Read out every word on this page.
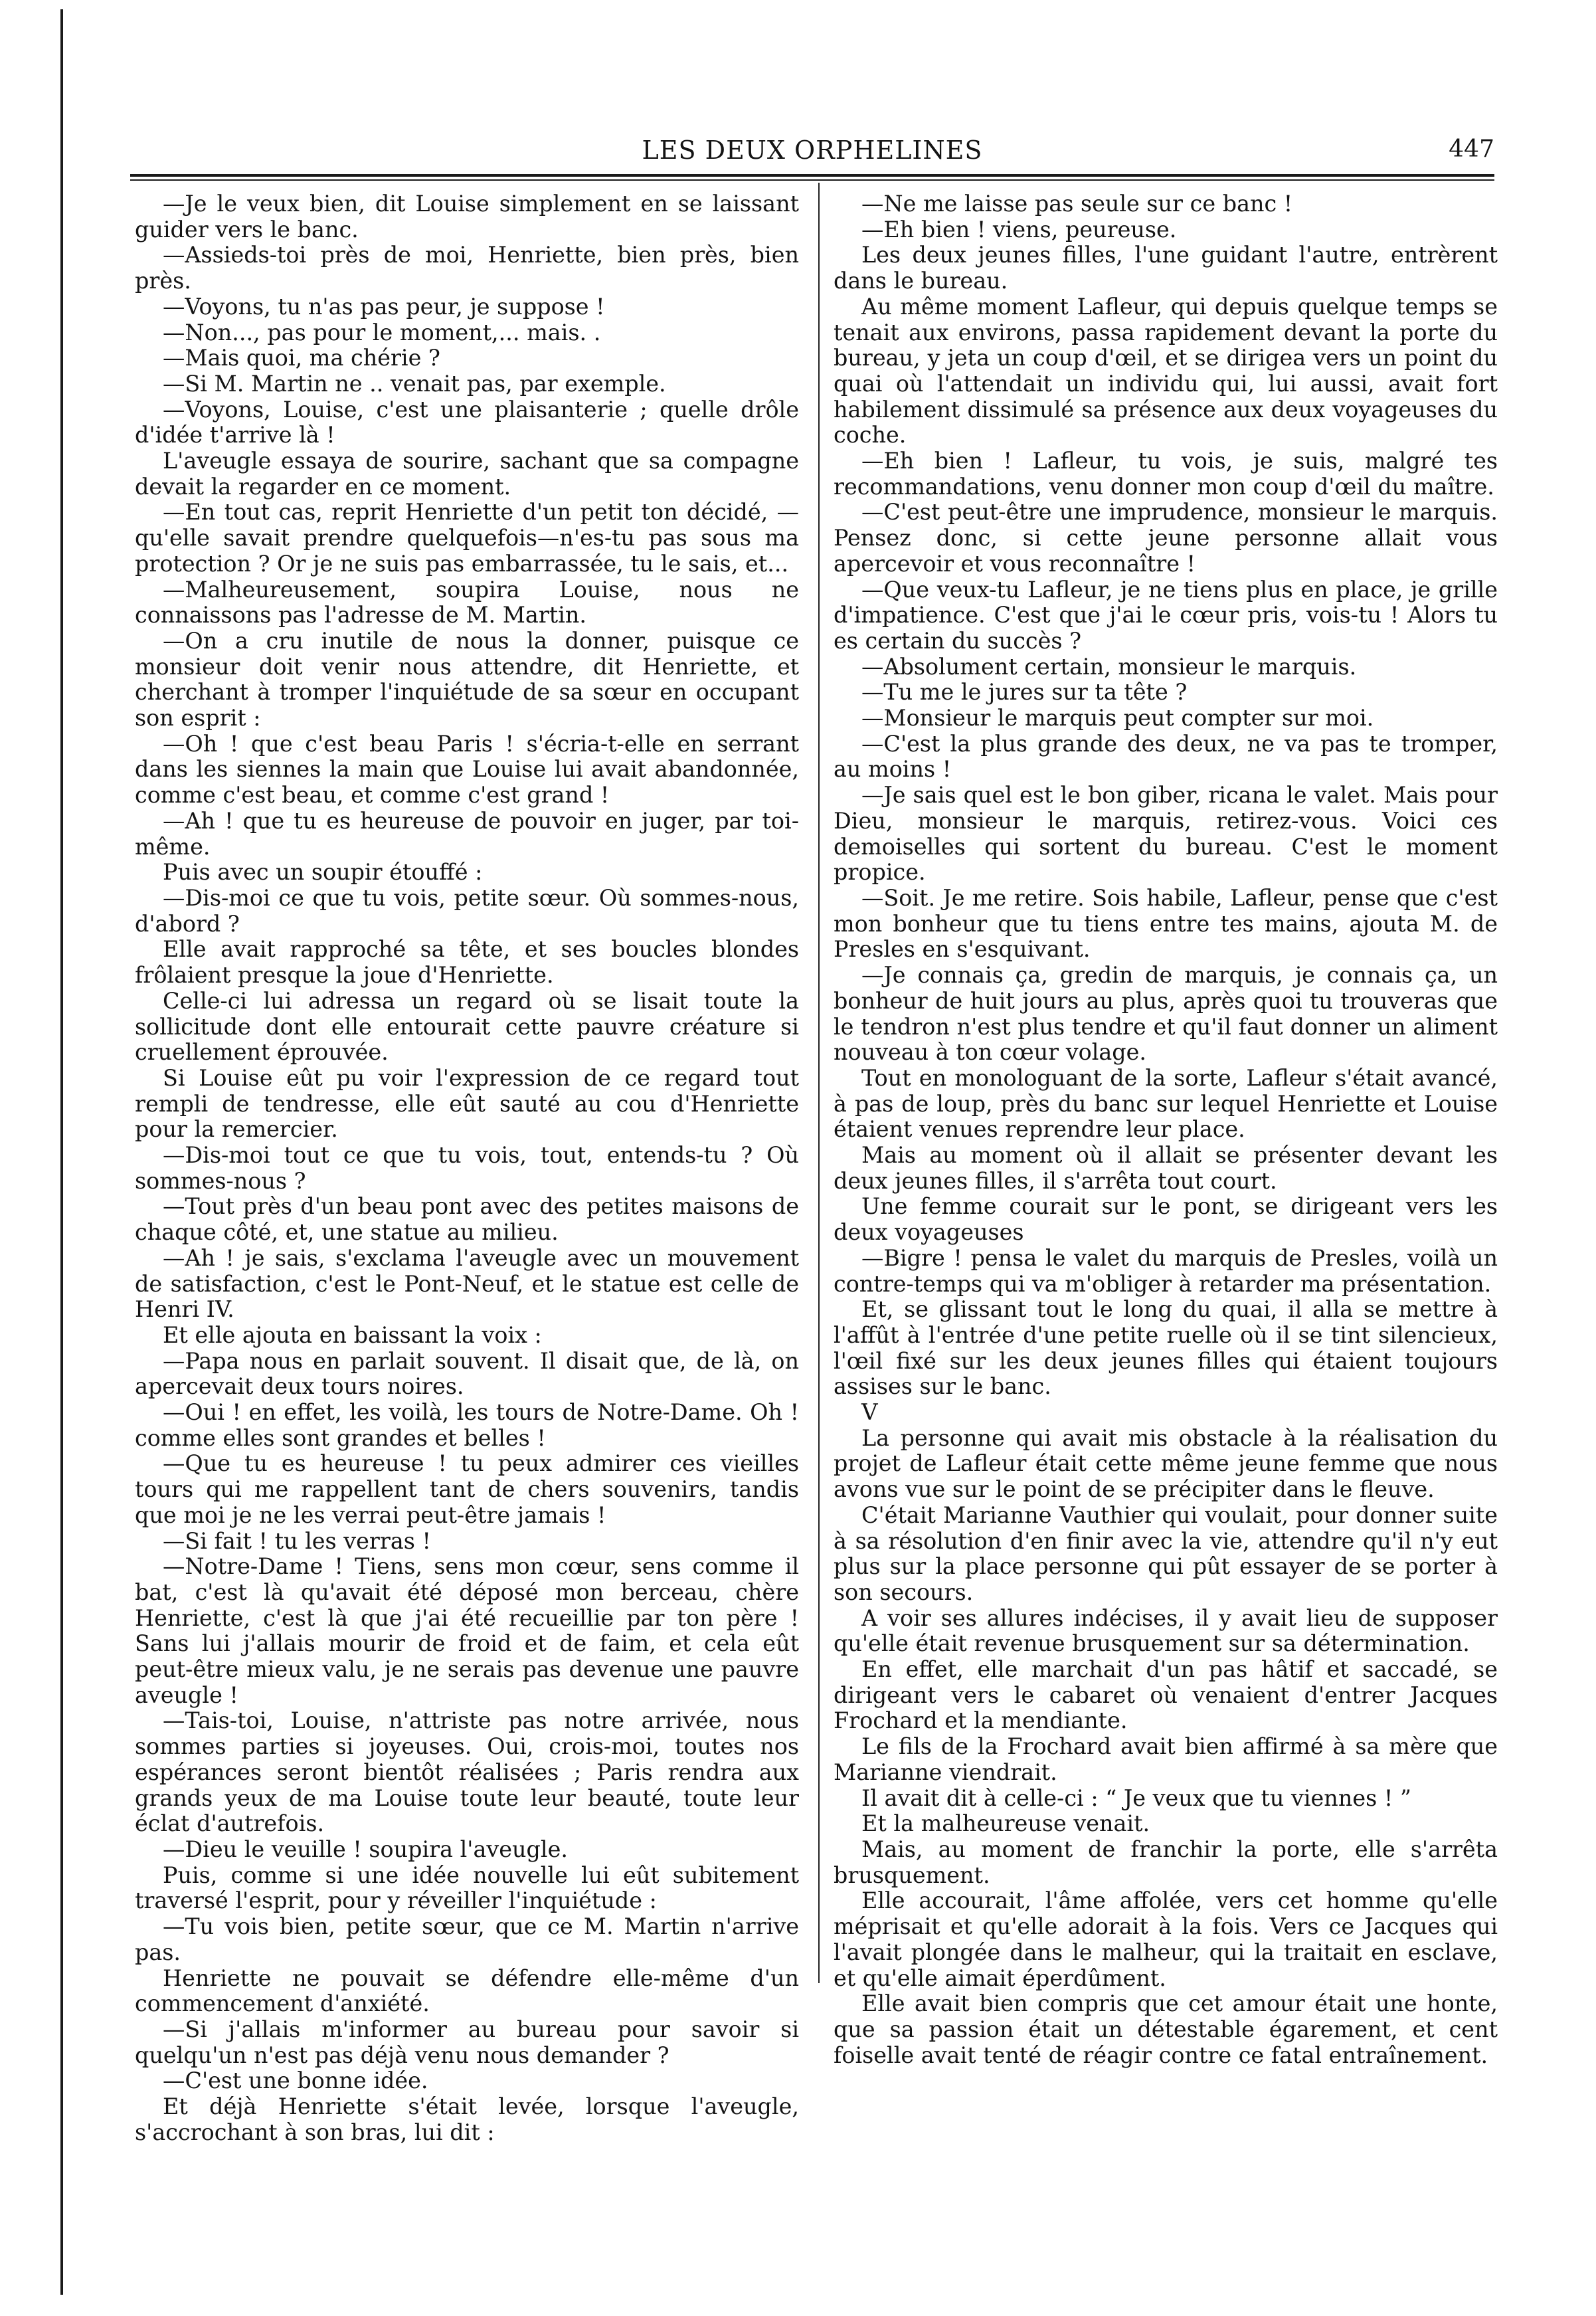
LES DEUX ORPHELINES	447

—Je le veux bien, dit Louise simplement en se laissant guider vers le banc.

—Assieds-toi près de moi, Henriette, bien près, bien près.

—Voyons, tu n'as pas peur, je suppose !

—Non..., pas pour le moment,... mais. .

—Mais quoi, ma chérie ?

—Si M. Martin ne .. venait pas, par exemple.

—Voyons, Louise, c'est une plaisanterie ; quelle drôle d'idée t'arrive là !

L'aveugle essaya de sourire, sachant que sa compagne devait la regarder en ce moment.

—En tout cas, reprit Henriette d'un petit ton décidé, —qu'elle savait prendre quelquefois—n'es-tu pas sous ma protection ? Or je ne suis pas embarrassée, tu le sais, et...

—Malheureusement, soupira Louise, nous ne connaissons pas l'adresse de M. Martin.

—On a cru inutile de nous la donner, puisque ce monsieur doit venir nous attendre, dit Henriette, et cherchant à tromper l'inquiétude de sa sœur en occupant son esprit :

—Oh ! que c'est beau Paris ! s'écria-t-elle en serrant dans les siennes la main que Louise lui avait abandonnée, comme c'est beau, et comme c'est grand !

—Ah ! que tu es heureuse de pouvoir en juger, par toi-même.

Puis avec un soupir étouffé :

—Dis-moi ce que tu vois, petite sœur. Où sommes-nous, d'abord ?

Elle avait rapproché sa tête, et ses boucles blondes frôlaient presque la joue d'Henriette.

Celle-ci lui adressa un regard où se lisait toute la sollicitude dont elle entourait cette pauvre créature si cruellement éprouvée.

Si Louise eût pu voir l'expression de ce regard tout rempli de tendresse, elle eût sauté au cou d'Henriette pour la remercier.

—Dis-moi tout ce que tu vois, tout, entends-tu ? Où sommes-nous ?

—Tout près d'un beau pont avec des petites maisons de chaque côté, et, une statue au milieu.

—Ah ! je sais, s'exclama l'aveugle avec un mouvement de satisfaction, c'est le Pont-Neuf, et le statue est celle de Henri IV.

Et elle ajouta en baissant la voix :

—Papa nous en parlait souvent. Il disait que, de là, on apercevait deux tours noires.

—Oui ! en effet, les voilà, les tours de Notre-Dame. Oh ! comme elles sont grandes et belles !

—Que tu es heureuse ! tu peux admirer ces vieilles tours qui me rappellent tant de chers souvenirs, tandis que moi je ne les verrai peut-être jamais !

—Si fait ! tu les verras !

—Notre-Dame ! Tiens, sens mon cœur, sens comme il bat, c'est là qu'avait été déposé mon berceau, chère Henriette, c'est là que j'ai été recueillie par ton père ! Sans lui j'allais mourir de froid et de faim, et cela eût peut-être mieux valu, je ne serais pas devenue une pauvre aveugle !

—Tais-toi, Louise, n'attriste pas notre arrivée, nous sommes parties si joyeuses. Oui, crois-moi, toutes nos espérances seront bientôt réalisées ; Paris rendra aux grands yeux de ma Louise toute leur beauté, toute leur éclat d'autrefois.

—Dieu le veuille ! soupira l'aveugle.

Puis, comme si une idée nouvelle lui eût subitement traversé l'esprit, pour y réveiller l'inquiétude :

—Tu vois bien, petite sœur, que ce M. Martin n'arrive pas.

Henriette ne pouvait se défendre elle-même d'un commencement d'anxiété.

—Si j'allais m'informer au bureau pour savoir si quelqu'un n'est pas déjà venu nous demander ?

—C'est une bonne idée.

Et déjà Henriette s'était levée, lorsque l'aveugle, s'accrochant à son bras, lui dit :

—Ne me laisse pas seule sur ce banc !

—Eh bien ! viens, peureuse.

Les deux jeunes filles, l'une guidant l'autre, entrèrent dans le bureau.

Au même moment Lafleur, qui depuis quelque temps se tenait aux environs, passa rapidement devant la porte du bureau, y jeta un coup d'œil, et se dirigea vers un point du quai où l'attendait un individu qui, lui aussi, avait fort habilement dissimulé sa présence aux deux voyageuses du coche.

—Eh bien ! Lafleur, tu vois, je suis, malgré tes recommandations, venu donner mon coup d'œil du maître.

—C'est peut-être une imprudence, monsieur le marquis. Pensez donc, si cette jeune personne allait vous apercevoir et vous reconnaître !

—Que veux-tu Lafleur, je ne tiens plus en place, je grille d'impatience. C'est que j'ai le cœur pris, vois-tu ! Alors tu es certain du succès ?

—Absolument certain, monsieur le marquis.

—Tu me le jures sur ta tête ?

—Monsieur le marquis peut compter sur moi.

—C'est la plus grande des deux, ne va pas te tromper, au moins !

—Je sais quel est le bon giber, ricana le valet. Mais pour Dieu, monsieur le marquis, retirez-vous. Voici ces demoiselles qui sortent du bureau. C'est le moment propice.

—Soit. Je me retire. Sois habile, Lafleur, pense que c'est mon bonheur que tu tiens entre tes mains, ajouta M. de Presles en s'esquivant.

—Je connais ça, gredin de marquis, je connais ça, un bonheur de huit jours au plus, après quoi tu trouveras que le tendron n'est plus tendre et qu'il faut donner un aliment nouveau à ton cœur volage.

Tout en monologuant de la sorte, Lafleur s'était avancé, à pas de loup, près du banc sur lequel Henriette et Louise étaient venues reprendre leur place.

Mais au moment où il allait se présenter devant les deux jeunes filles, il s'arrêta tout court.

Une femme courait sur le pont, se dirigeant vers les deux voyageuses

—Bigre ! pensa le valet du marquis de Presles, voilà un contre-temps qui va m'obliger à retarder ma présentation.

Et, se glissant tout le long du quai, il alla se mettre à l'affût à l'entrée d'une petite ruelle où il se tint silencieux, l'œil fixé sur les deux jeunes filles qui étaient toujours assises sur le banc.

V

La personne qui avait mis obstacle à la réalisation du projet de Lafleur était cette même jeune femme que nous avons vue sur le point de se précipiter dans le fleuve.

C'était Marianne Vauthier qui voulait, pour donner suite à sa résolution d'en finir avec la vie, attendre qu'il n'y eut plus sur la place personne qui pût essayer de se porter à son secours.

A voir ses allures indécises, il y avait lieu de supposer qu'elle était revenue brusquement sur sa détermination.

En effet, elle marchait d'un pas hâtif et saccadé, se dirigeant vers le cabaret où venaient d'entrer Jacques Frochard et la mendiante.

Le fils de la Frochard avait bien affirmé à sa mère que Marianne viendrait.

Il avait dit à celle-ci : “ Je veux que tu viennes ! ”

Et la malheureuse venait.

Mais, au moment de franchir la porte, elle s'arrêta brusquement.

Elle accourait, l'âme affolée, vers cet homme qu'elle méprisait et qu'elle adorait à la fois. Vers ce Jacques qui l'avait plongée dans le malheur, qui la traitait en esclave, et qu'elle aimait éperdûment.

Elle avait bien compris que cet amour était une honte, que sa passion était un détestable égarement, et cent foiselle avait tenté de réagir contre ce fatal entraînement.
